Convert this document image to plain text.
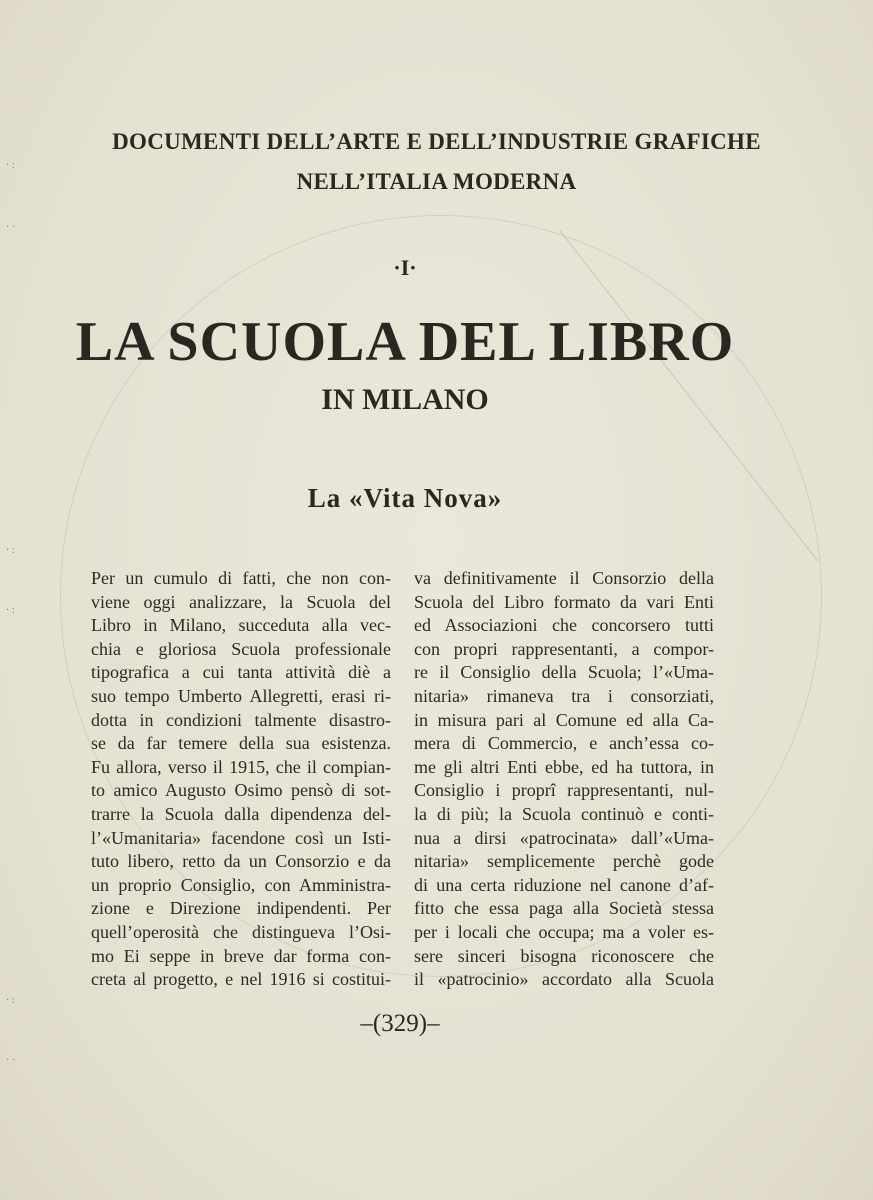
· :
· ·
· :
· :
· :
· ·
DOCUMENTI DELL’ARTE E DELL’INDUSTRIE GRAFICHE
NELL’ITALIA MODERNA
·I·
LA SCUOLA DEL LIBRO
IN MILANO
La «Vita Nova»
Per un cumulo di fatti, che non con-
viene oggi analizzare, la Scuola del
Libro in Milano, succeduta alla vec-
chia e gloriosa Scuola professionale
tipografica a cui tanta attività diè a
suo tempo Umberto Allegretti, erasi ri-
dotta in condizioni talmente disastro-
se da far temere della sua esistenza.
Fu allora, verso il 1915, che il compian-
to amico Augusto Osimo pensò di sot-
trarre la Scuola dalla dipendenza del-
l’«Umanitaria» facendone così un Isti-
tuto libero, retto da un Consorzio e da
un proprio Consiglio, con Amministra-
zione e Direzione indipendenti. Per
quell’operosità che distingueva l’Osi-
mo Ei seppe in breve dar forma con-
creta al progetto, e nel 1916 si costitui-
va definitivamente il Consorzio della
Scuola del Libro formato da vari Enti
ed Associazioni che concorsero tutti
con propri rappresentanti, a compor-
re il Consiglio della Scuola; l’«Uma-
nitaria» rimaneva tra i consorziati,
in misura pari al Comune ed alla Ca-
mera di Commercio, e anch’essa co-
me gli altri Enti ebbe, ed ha tuttora, in
Consiglio i proprî rappresentanti, nul-
la di più; la Scuola continuò e conti-
nua a dirsi «patrocinata» dall’«Uma-
nitaria» semplicemente perchè gode
di una certa riduzione nel canone d’af-
fitto che essa paga alla Società stessa
per i locali che occupa; ma a voler es-
sere sinceri bisogna riconoscere che
il «patrocinio» accordato alla Scuola
–(329)–
